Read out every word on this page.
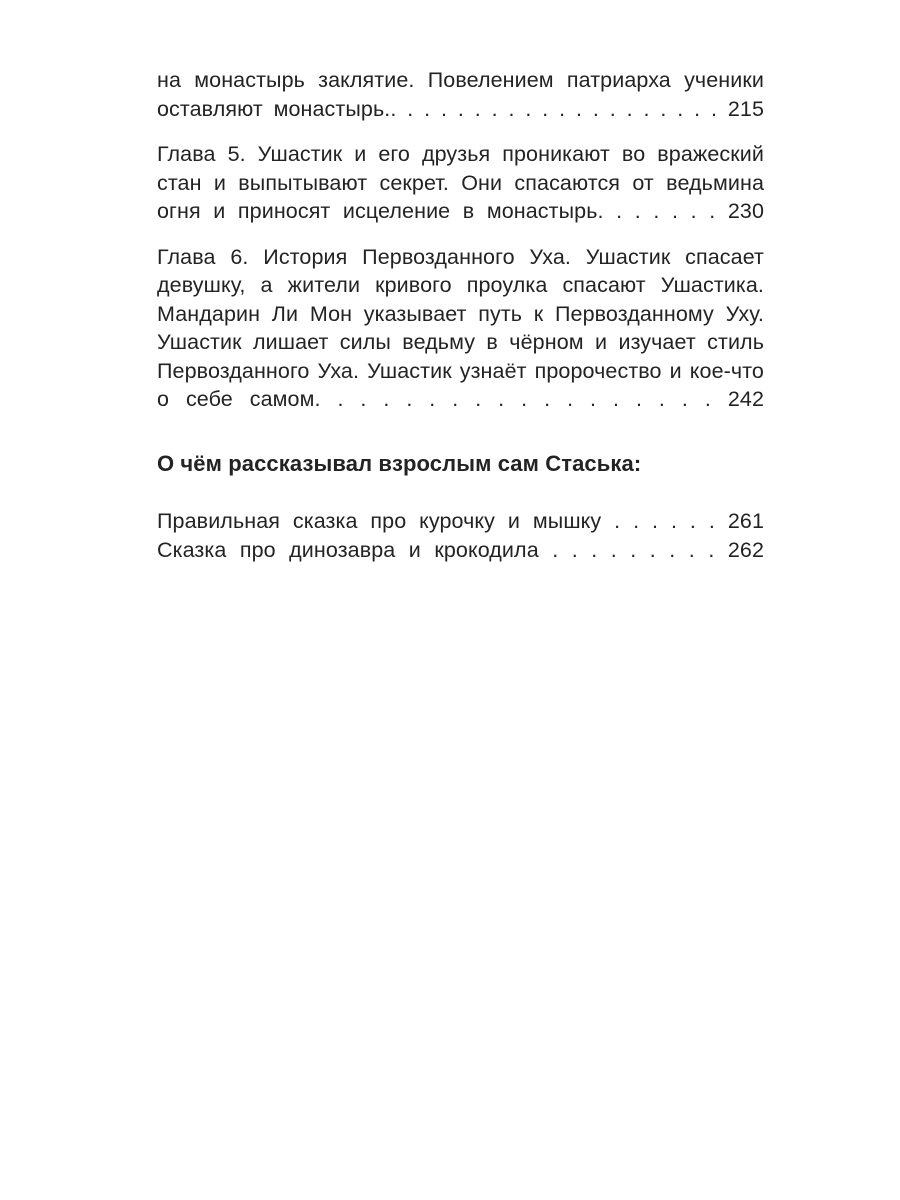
на монастырь заклятие. Повелением патриарха ученики оставляют монастырь.. . . . . . . . . . . . . . . . . . . . 215

Глава 5. Ушастик и его друзья проникают во вражеский стан и выпытывают секрет. Они спасаются от ведьмина огня и приносят исцеление в монастырь. . . . . . . 230

Глава 6. История Первозданного Уха. Ушастик спасает девушку, а жители кривого проулка спасают Ушастика. Мандарин Ли Мон указывает путь к Первозданному Уху. Ушастик лишает силы ведьму в чёрном и изучает стиль Первозданного Уха. Ушастик узнаёт пророчество и кое-что о себе самом. . . . . . . . . . . . . . . . . . 242

О чём рассказывал взрослым сам Стаська:

Правильная сказка про курочку и мышку . . . . . . 261

Сказка про динозавра и крокодила . . . . . . . . . 262
